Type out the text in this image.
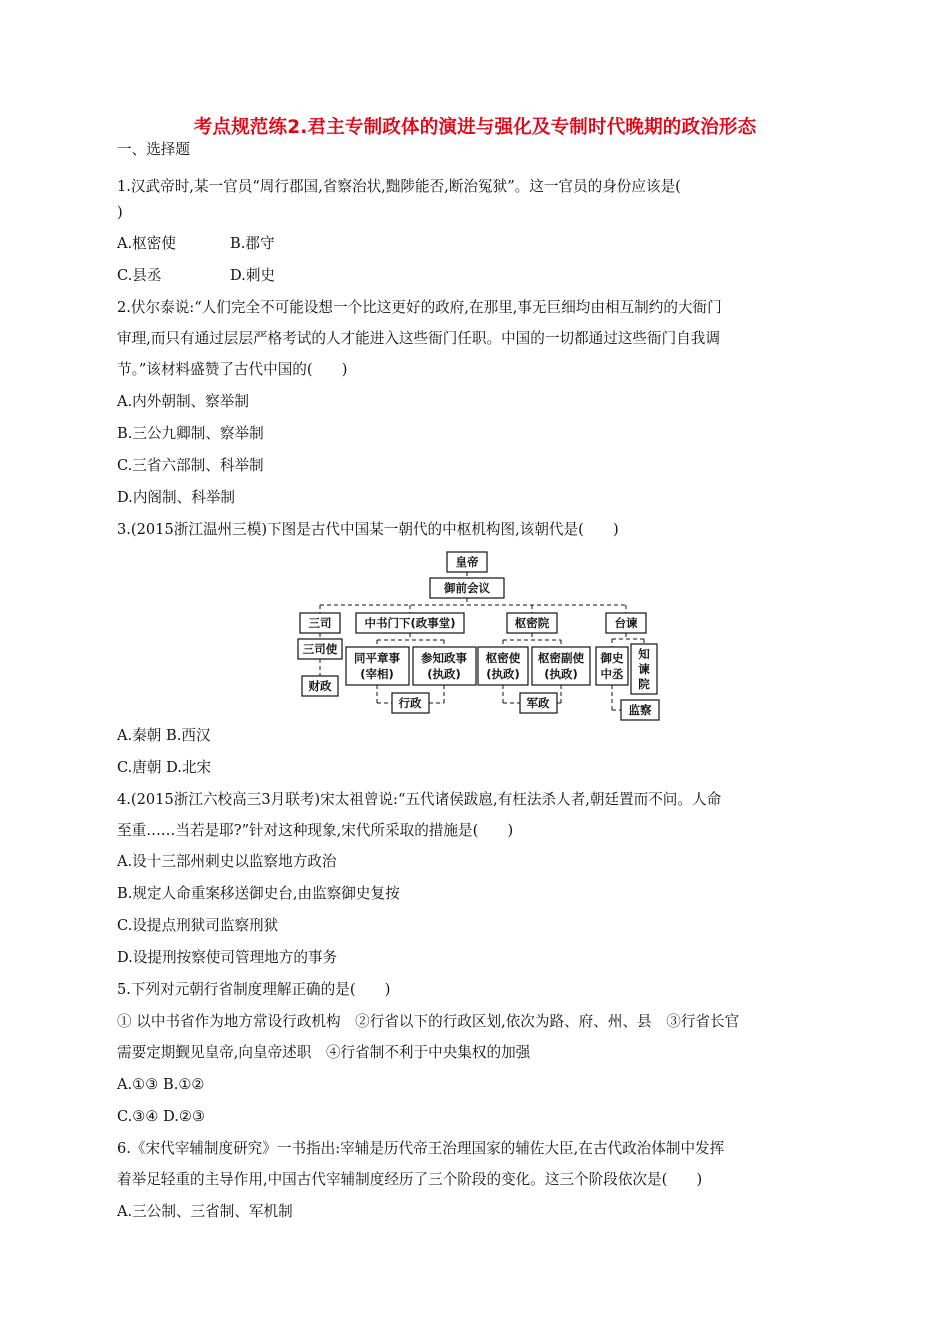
考点规范练2.君主专制政体的演进与强化及专制时代晚期的政治形态
一、选择题
1.汉武帝时,某一官员“周行郡国,省察治状,黜陟能否,断治冤狱”。这一官员的身份应该是(
)
A.枢密使	B.郡守
C.县丞	D.刺史
2.伏尔泰说:“人们完全不可能设想一个比这更好的政府,在那里,事无巨细均由相互制约的大衙门
审理,而只有通过层层严格考试的人才能进入这些衙门任职。中国的一切都通过这些衙门自我调
节。”该材料盛赞了古代中国的(　　)
A.内外朝制、察举制
B.三公九卿制、察举制
C.三省六部制、科举制
D.内阁制、科举制
3.(2015浙江温州三模)下图是古代中国某一朝代的中枢机构图,该朝代是(　　)
皇帝
御前会议
三司
三司使
财政
中书门下(政事堂)
同平章事
(宰相)
参知政事
(执政)
行政
枢密院
枢密使
(执政)
枢密副使
(执政)
军政
台谏
御史
中丞
知
谏
院
监察
A.秦朝 B.西汉
C.唐朝 D.北宋
4.(2015浙江六校高三3月联考)宋太祖曾说:“五代诸侯跋扈,有枉法杀人者,朝廷置而不问。人命
至重……当若是耶?”针对这种现象,宋代所采取的措施是(　　)
A.设十三部州刺史以监察地方政治
B.规定人命重案移送御史台,由监察御史复按
C.设提点刑狱司监察刑狱
D.设提刑按察使司管理地方的事务
5.下列对元朝行省制度理解正确的是(　　)
① 以中书省作为地方常设行政机构　②行省以下的行政区划,依次为路、府、州、县　③行省长官
需要定期觐见皇帝,向皇帝述职　④行省制不利于中央集权的加强
A.①③ B.①②
C.③④ D.②③
6.《宋代宰辅制度研究》一书指出:宰辅是历代帝王治理国家的辅佐大臣,在古代政治体制中发挥
着举足轻重的主导作用,中国古代宰辅制度经历了三个阶段的变化。这三个阶段依次是(　　)
A.三公制、三省制、军机制
